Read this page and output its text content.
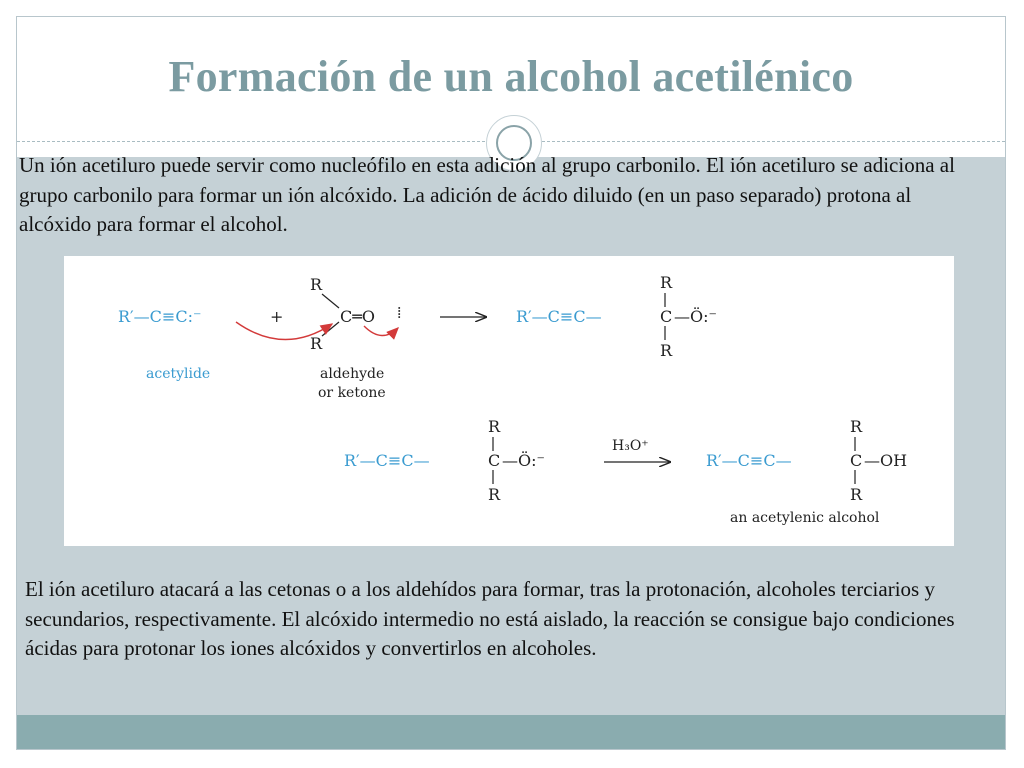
Formación de un alcohol acetilénico
Un ión acetiluro puede servir como nucleófilo en esta adición al grupo carbonilo. El ión acetiluro se adiciona al grupo carbonilo para formar un ión alcóxido. La adición de ácido diluido (en un paso separado) protona al alcóxido para formar el alcohol.
R′—C≡C:⁻	+
R
C═O
R
⁞
acetylide	aldehyde
or ketone
R′—C≡C—	C —Ö:⁻
R
R
R′—C≡C—	C —Ö:⁻
R
R
H₃O⁺
R′—C≡C—	C —OH
R
R
an acetylenic alcohol
El ión acetiluro atacará a las cetonas o a los aldehídos para formar, tras la protonación, alcoholes terciarios y secundarios, respectivamente. El alcóxido intermedio no está aislado, la reacción se consigue bajo condiciones ácidas para protonar los iones alcóxidos y convertirlos en alcoholes.
